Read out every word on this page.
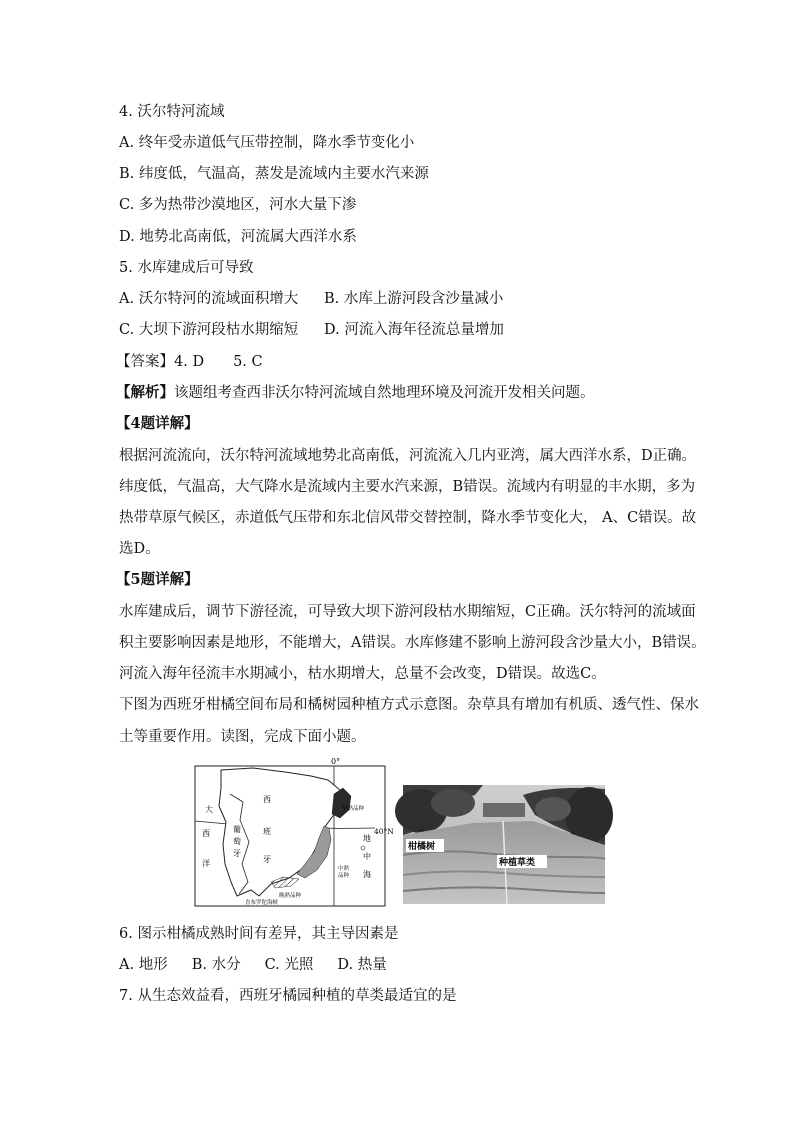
4. 沃尔特河流域
A. 终年受赤道低气压带控制，降水季节变化小
B. 纬度低，气温高，蒸发是流域内主要水汽来源
C. 多为热带沙漠地区，河水大量下渗
D. 地势北高南低，河流属大西洋水系
5. 水库建成后可导致
A. 沃尔特河的流域面积增大 B. 水库上游河段含沙量减小
C. 大坝下游河段枯水期缩短 D. 河流入海年径流总量增加
【答案】4. D　　5. C
【解析】该题组考查西非沃尔特河流域自然地理环境及河流开发相关问题。
【4题详解】
根据河流流向，沃尔特河流域地势北高南低，河流流入几内亚湾，属大西洋水系，D正确。
纬度低，气温高，大气降水是流域内主要水汽来源，B错误。流域内有明显的丰水期，多为
热带草原气候区，赤道低气压带和东北信风带交替控制，降水季节变化大， A、C错误。故
选D。
【5题详解】
水库建成后，调节下游径流，可导致大坝下游河段枯水期缩短，C正确。沃尔特河的流域面
积主要影响因素是地形，不能增大，A错误。水库修建不影响上游河段含沙量大小，B错误。
河流入海年径流丰水期减小，枯水期增大，总量不会改变，D错误。故选C。
下图为西班牙柑橘空间布局和橘树园种植方式示意图。杂草具有增加有机质、透气性、保水
土等重要作用。读图，完成下面小题。
0°
40°N
大
西
洋
葡
萄
牙
西
班
牙
地
中
海
早熟品种
中熟
品种
晚熟品种
直布罗陀海峡
柑橘树
种植草类
6. 图示柑橘成熟时间有差异，其主导因素是
A. 地形 B. 水分 C. 光照 D. 热量
7. 从生态效益看，西班牙橘园种植的草类最适宜的是
